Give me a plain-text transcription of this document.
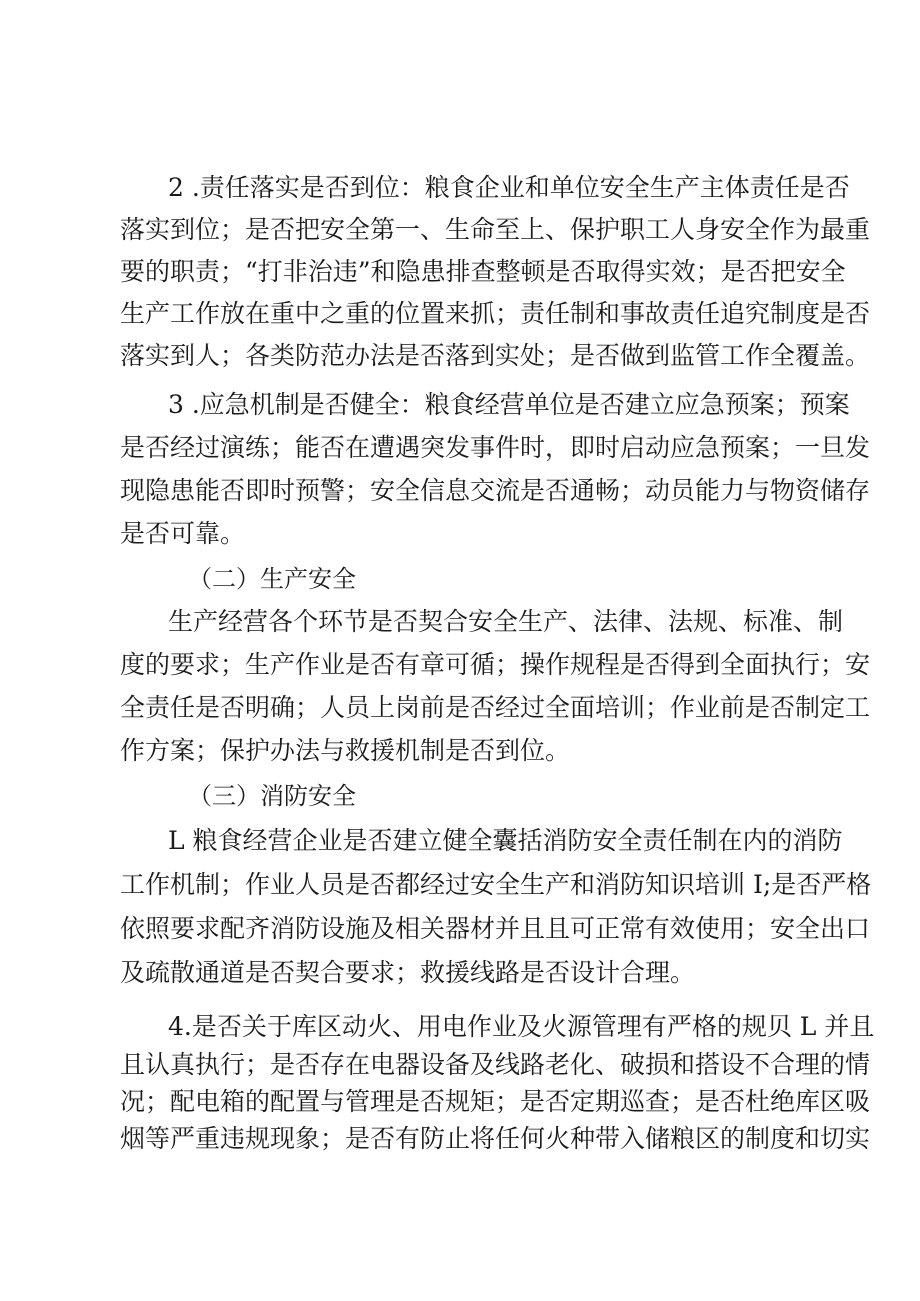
2 .责任落实是否到位：粮食企业和单位安全生产主体责任是否
落实到位；是否把安全第一、生命至上、保护职工人身安全作为最重
要的职责；“打非治违”和隐患排查整顿是否取得实效；是否把安全
生产工作放在重中之重的位置来抓；责任制和事故责任追究制度是否
落实到人；各类防范办法是否落到实处；是否做到监管工作全覆盖。
3 .应急机制是否健全：粮食经营单位是否建立应急预案；预案
是否经过演练；能否在遭遇突发事件时，即时启动应急预案；一旦发
现隐患能否即时预警；安全信息交流是否通畅；动员能力与物资储存
是否可靠。
（二）生产安全
生产经营各个环节是否契合安全生产、法律、法规、标准、制
度的要求；生产作业是否有章可循；操作规程是否得到全面执行；安
全责任是否明确；人员上岗前是否经过全面培训；作业前是否制定工
作方案；保护办法与救援机制是否到位。
（三）消防安全
L 粮食经营企业是否建立健全囊括消防安全责任制在内的消防
工作机制；作业人员是否都经过安全生产和消防知识培训 I;是否严格
依照要求配齐消防设施及相关器材并且且可正常有效使用；安全出口
及疏散通道是否契合要求；救援线路是否设计合理。
4.是否关于库区动火、用电作业及火源管理有严格的规贝 L 并且
且认真执行；是否存在电器设备及线路老化、破损和搭设不合理的情
况；配电箱的配置与管理是否规矩；是否定期巡查；是否杜绝库区吸
烟等严重违规现象；是否有防止将任何火种带入储粮区的制度和切实
